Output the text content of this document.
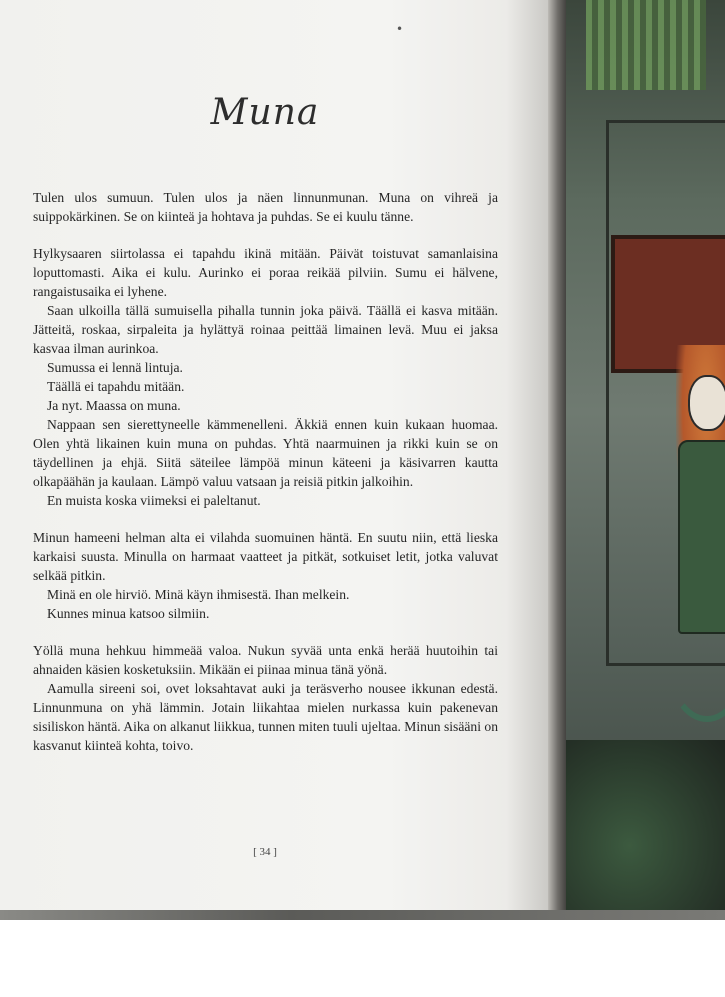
•
Muna

Tulen ulos sumuun. Tulen ulos ja näen linnunmunan. Muna on vihreä ja suippokärkinen. Se on kiinteä ja hohtava ja puhdas. Se ei kuulu tänne.

Hylkysaaren siirtolassa ei tapahdu ikinä mitään. Päivät toistuvat samanlaisina loputtomasti. Aika ei kulu. Aurinko ei poraa reikää pilviin. Sumu ei hälvene, rangaistusaika ei lyhene.

Saan ulkoilla tällä sumuisella pihalla tunnin joka päivä. Täällä ei kasva mitään. Jätteitä, roskaa, sirpaleita ja hylättyä roinaa peittää limainen levä. Muu ei jaksa kasvaa ilman aurinkoa.

Sumussa ei lennä lintuja.

Täällä ei tapahdu mitään.

Ja nyt. Maassa on muna.

Nappaan sen sierettyneelle kämmenelleni. Äkkiä ennen kuin kukaan huomaa. Olen yhtä likainen kuin muna on puhdas. Yhtä naarmuinen ja rikki kuin se on täydellinen ja ehjä. Siitä säteilee lämpöä minun käteeni ja käsivarren kautta olkapäähän ja kaulaan. Lämpö valuu vatsaan ja reisiä pitkin jalkoihin.

En muista koska viimeksi ei paleltanut.

Minun hameeni helman alta ei vilahda suomuinen häntä. En suutu niin, että lieska karkaisi suusta. Minulla on harmaat vaatteet ja pitkät, sotkuiset letit, jotka valuvat selkää pitkin.

Minä en ole hirviö. Minä käyn ihmisestä. Ihan melkein.

Kunnes minua katsoo silmiin.

Yöllä muna hehkuu himmeää valoa. Nukun syvää unta enkä herää huutoihin tai ahnaiden käsien kosketuksiin. Mikään ei piinaa minua tänä yönä.

Aamulla sireeni soi, ovet loksahtavat auki ja teräsverho nousee ikkunan edestä. Linnunmuna on yhä lämmin. Jotain liikahtaa mielen nurkassa kuin pakenevan sisiliskon häntä. Aika on alkanut liikkua, tunnen miten tuuli ujeltaa. Minun sisääni on kasvanut kiinteä kohta, toivo.

[ 34 ]
